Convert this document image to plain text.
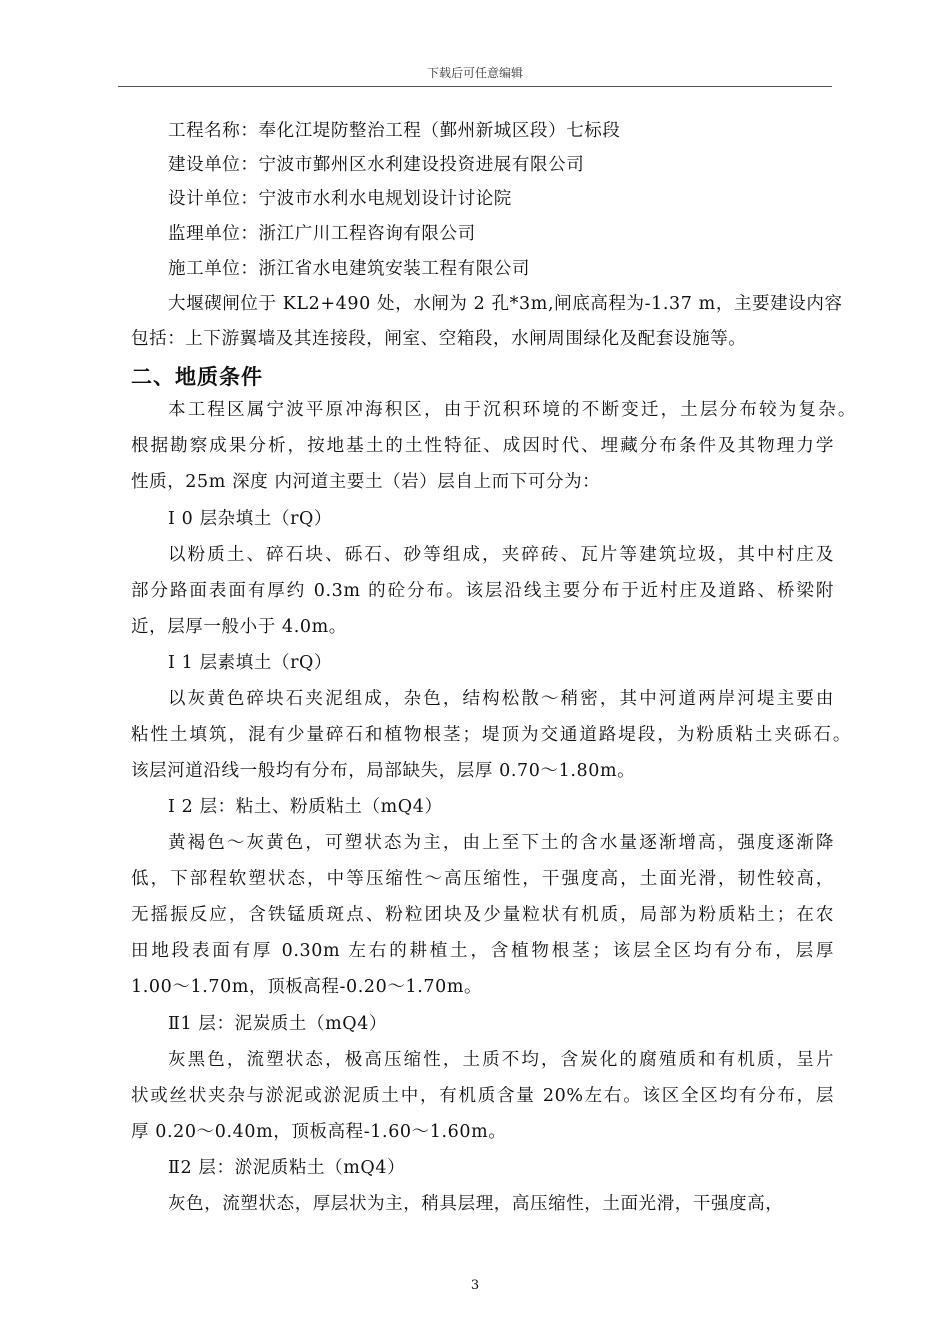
下载后可任意编辑
工程名称：奉化江堤防整治工程（鄞州新城区段）七标段
建设单位：宁波市鄞州区水利建设投资进展有限公司
设计单位：宁波市水利水电规划设计讨论院
监理单位：浙江广川工程咨询有限公司
施工单位：浙江省水电建筑安装工程有限公司
大堰碶闸位于 KL2+490 处，水闸为 2 孔*3m,闸底高程为-1.37 m，主要建设内容
包括：上下游翼墙及其连接段，闸室、空箱段，水闸周围绿化及配套设施等。
二、地质条件
本工程区属宁波平原冲海积区，由于沉积环境的不断变迁，土层分布较为复杂。
根据勘察成果分析，按地基土的土性特征、成因时代、埋藏分布条件及其物理力学
性质，25m 深度 内河道主要土（岩）层自上而下可分为：
Ⅰ 0 层杂填土（rQ）
以粉质土、碎石块、砾石、砂等组成，夹碎砖、瓦片等建筑垃圾，其中村庄及
部分路面表面有厚约 0.3m 的砼分布。该层沿线主要分布于近村庄及道路、桥梁附
近，层厚一般小于 4.0m。
Ⅰ 1 层素填土（rQ）
以灰黄色碎块石夹泥组成，杂色，结构松散～稍密，其中河道两岸河堤主要由
粘性土填筑，混有少量碎石和植物根茎；堤顶为交通道路堤段，为粉质粘土夹砾石。
该层河道沿线一般均有分布，局部缺失，层厚 0.70～1.80m。
Ⅰ 2 层：粘土、粉质粘土（mQ4）
黄褐色～灰黄色，可塑状态为主，由上至下土的含水量逐渐增高，强度逐渐降
低，下部程软塑状态，中等压缩性～高压缩性，干强度高，土面光滑，韧性较高，
无摇振反应，含铁锰质斑点、粉粒团块及少量粒状有机质，局部为粉质粘土；在农
田地段表面有厚 0.30m 左右的耕植土，含植物根茎；该层全区均有分布，层厚
1.00～1.70m，顶板高程-0.20～1.70m。
Ⅱ1 层：泥炭质土（mQ4）
灰黑色，流塑状态，极高压缩性，土质不均，含炭化的腐殖质和有机质，呈片
状或丝状夹杂与淤泥或淤泥质土中，有机质含量 20%左右。该区全区均有分布，层
厚 0.20～0.40m，顶板高程-1.60～1.60m。
Ⅱ2 层：淤泥质粘土（mQ4）
灰色，流塑状态，厚层状为主，稍具层理，高压缩性，土面光滑，干强度高，
3
